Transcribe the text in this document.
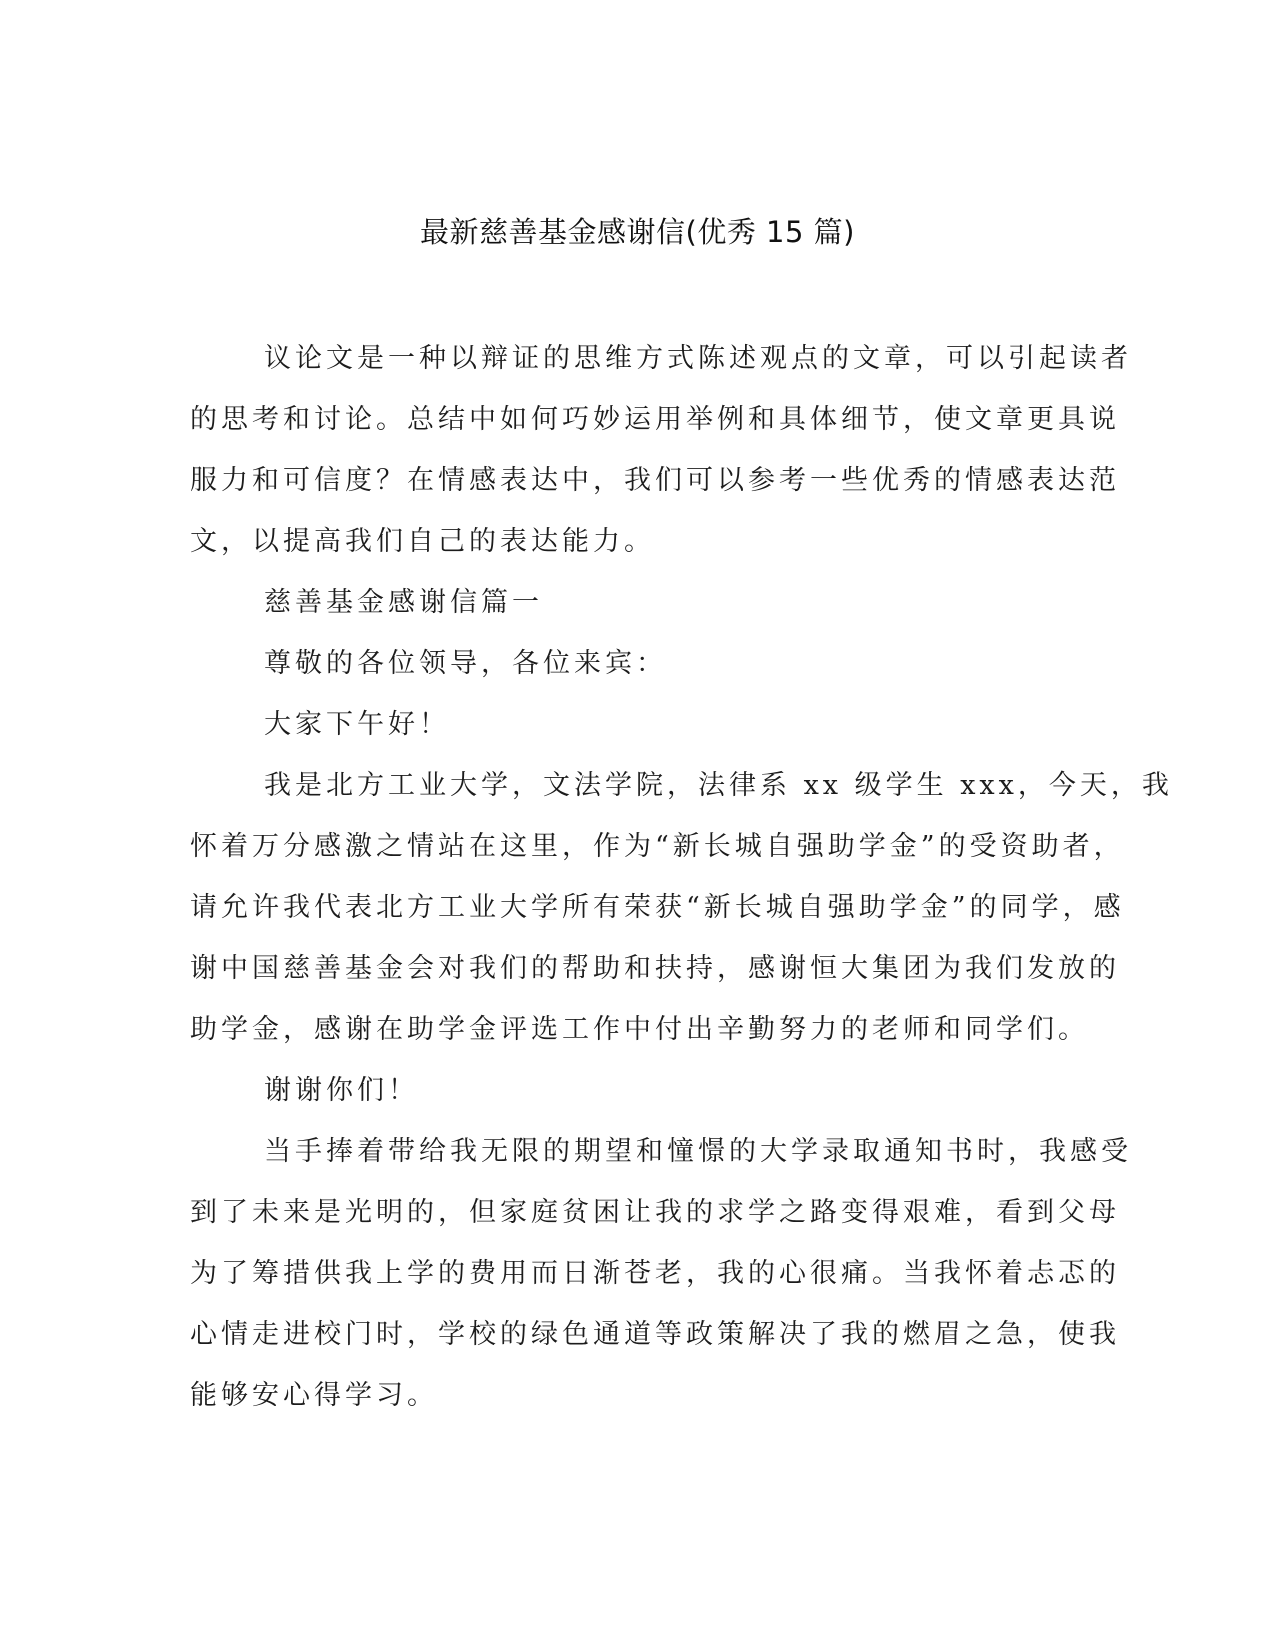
最新慈善基金感谢信(优秀 15 篇)
议论文是一种以辩证的思维方式陈述观点的文章，可以引起读者
的思考和讨论。总结中如何巧妙运用举例和具体细节，使文章更具说
服力和可信度？在情感表达中，我们可以参考一些优秀的情感表达范
文，以提高我们自己的表达能力。
慈善基金感谢信篇一
尊敬的各位领导，各位来宾：
大家下午好！
我是北方工业大学，文法学院，法律系 xx 级学生 xxx，今天，我
怀着万分感激之情站在这里，作为“新长城自强助学金”的受资助者，
请允许我代表北方工业大学所有荣获“新长城自强助学金”的同学，感
谢中国慈善基金会对我们的帮助和扶持，感谢恒大集团为我们发放的
助学金，感谢在助学金评选工作中付出辛勤努力的老师和同学们。
谢谢你们！
当手捧着带给我无限的期望和憧憬的大学录取通知书时，我感受
到了未来是光明的，但家庭贫困让我的求学之路变得艰难，看到父母
为了筹措供我上学的费用而日渐苍老，我的心很痛。当我怀着忐忑的
心情走进校门时，学校的绿色通道等政策解决了我的燃眉之急，使我
能够安心得学习。
